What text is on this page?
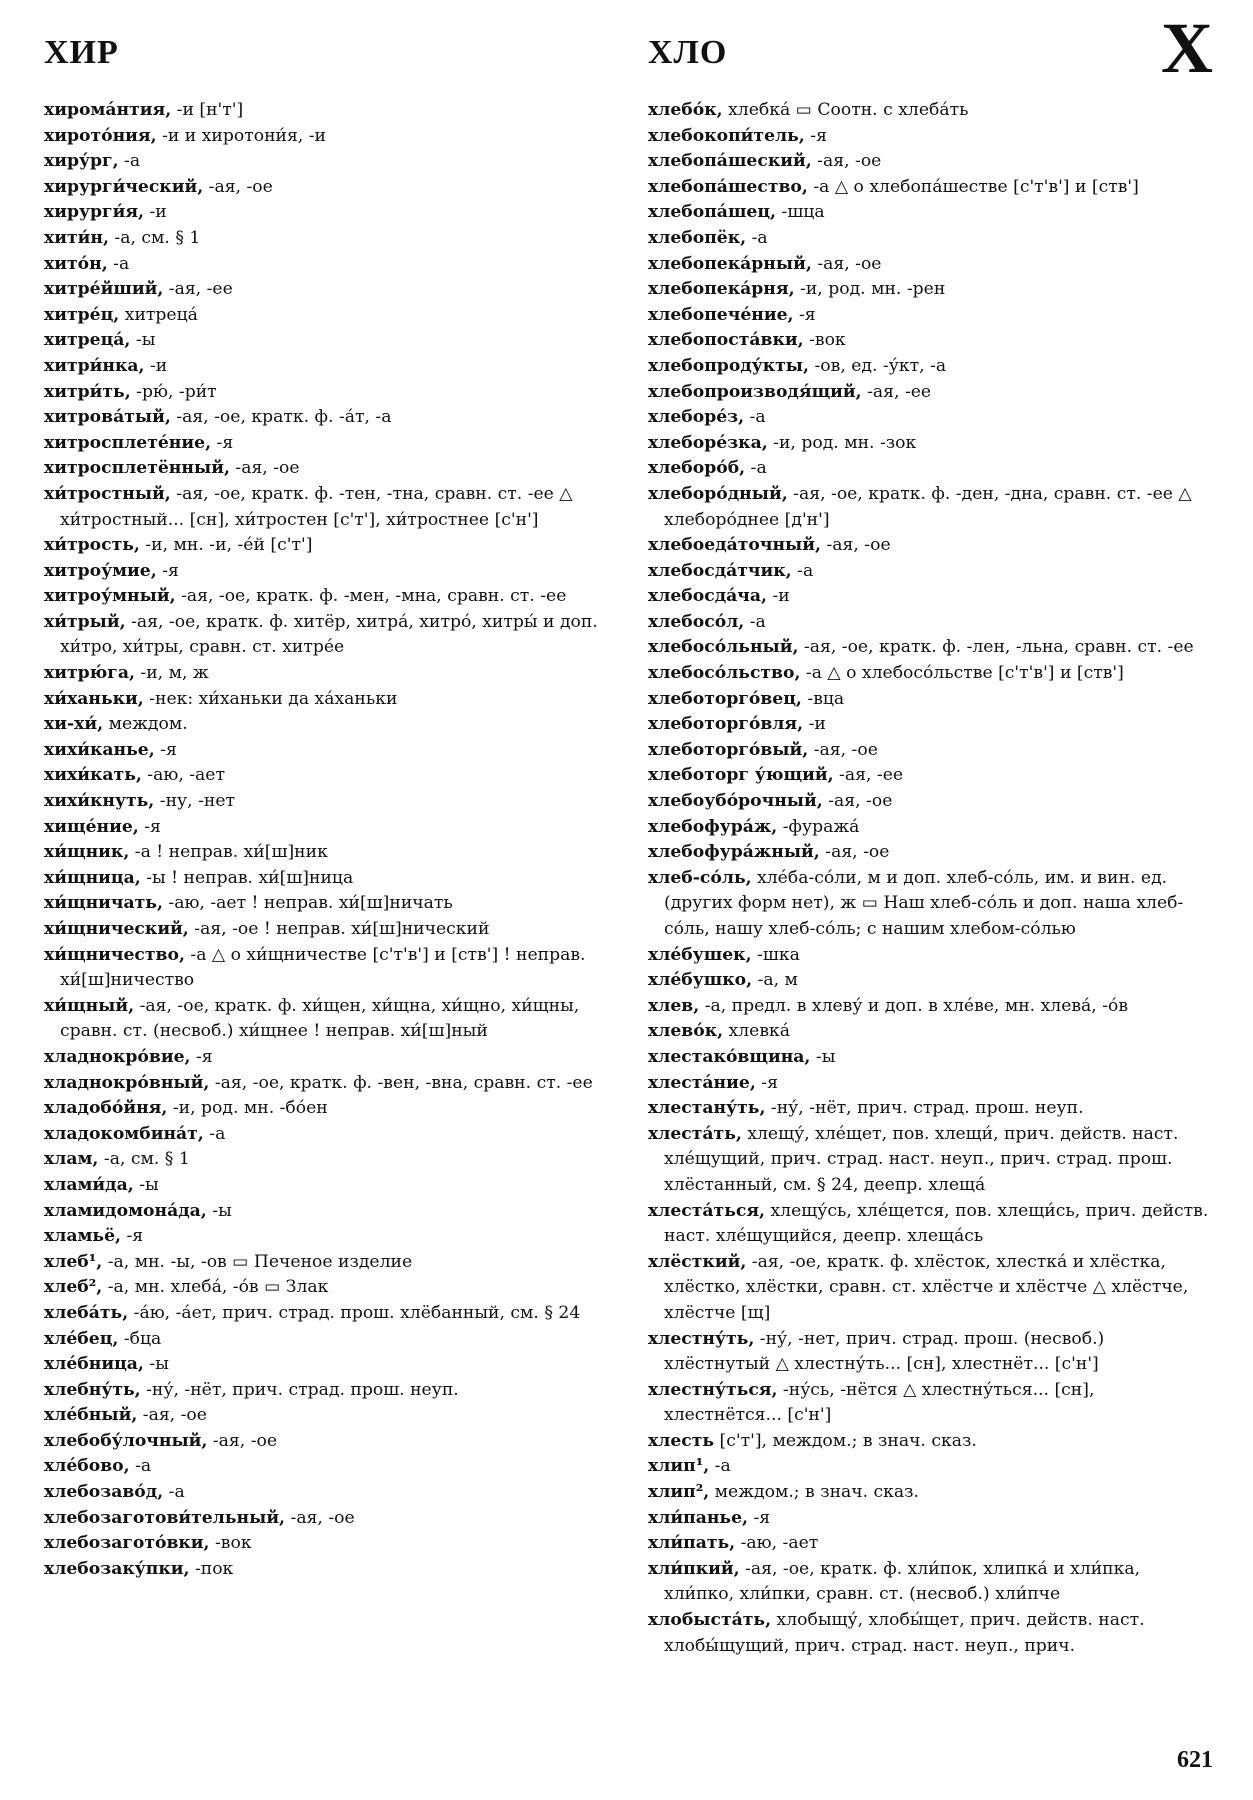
ХИР	ХЛО	Х

хиромáнтия, -и [н'т']

хирото́ния, -и и хиротони́я, -и

хиру́рг, -а

хирурги́ческий, -ая, -ое

хирурги́я, -и

хити́н, -а, см. § 1

хито́н, -а

хитре́йший, -ая, -ее

хитре́ц, хитреца́

хитреца́, -ы

хитри́нка, -и

хитри́ть, -рю́, -ри́т

хитрова́тый, -ая, -ое, кратк. ф. -а́т, -а

хитросплетéние, -я

хитросплетённый, -ая, -ое

хи́тростный, -ая, -ое, кратк. ф. -тен, -тна, сравн. ст. -ее △ хи́тростный... [сн], хи́тростен [с'т'], хи́тростнее [с'н']

хи́трость, -и, мн. -и, -е́й [с'т']

хитроу́мие, -я

хитроу́мный, -ая, -ое, кратк. ф. -мен, -мна, сравн. ст. -ее

хи́трый, -ая, -ое, кратк. ф. хитёр, хитра́, хитро́, хитры́ и доп. хи́тро, хи́тры, сравн. ст. хитрéе

хитрю́га, -и, м, ж

хи́ханьки, -нек: хи́ханьки да ха́ханьки

хи-хи́, междом.

хихи́канье, -я

хихи́кать, -аю, -ает

хихи́кнуть, -ну, -нет

хищéние, -я

хи́щник, -а ! неправ. хи́[ш]ник

хи́щница, -ы ! неправ. хи́[ш]ница

хи́щничать, -аю, -ает ! неправ. хи́[ш]ничать

хи́щнический, -ая, -ое ! неправ. хи́[ш]нический

хи́щничество, -а △ о хи́щничестве [с'т'в'] и [ств'] ! неправ. хи́[ш]ничество

хи́щный, -ая, -ое, кратк. ф. хи́щен, хи́щна, хи́щно, хи́щны, сравн. ст. (несвоб.) хи́щнее ! неправ. хи́[ш]ный

хладнокро́вие, -я

хладнокро́вный, -ая, -ое, кратк. ф. -вен, -вна, сравн. ст. -ее

хладобо́йня, -и, род. мн. -бо́ен

хладокомбина́т, -а

хлам, -а, см. § 1

хлами́да, -ы

хламидомона́да, -ы

хламьё, -я

хлеб¹, -а, мн. -ы, -ов ▭ Печеное изделие

хлеб², -а, мн. хлеба́, -о́в ▭ Злак

хлеба́ть, -а́ю, -а́ет, прич. страд. прош. хлёбанный, см. § 24

хлéбец, -бца

хлéбница, -ы

хлебну́ть, -ну́, -нёт, прич. страд. прош. неуп.

хлéбный, -ая, -ое

хлебобу́лочный, -ая, -ое

хлéбово, -а

хлебозаво́д, -а

хлебозаготови́тельный, -ая, -ое

хлебозагото́вки, -вок

хлебозаку́пки, -пок

хлебо́к, хлебка́ ▭ Соотн. с хлеба́ть

хлебокопи́тель, -я

хлебопа́шеский, -ая, -ое

хлебопа́шество, -а △ о хлебопа́шестве [с'т'в'] и [ств']

хлебопа́шец, -шца

хлебопёк, -а

хлебопека́рный, -ая, -ое

хлебопека́рня, -и, род. мн. -рен

хлебопечéние, -я

хлебопоста́вки, -вок

хлебопроду́кты, -ов, ед. -у́кт, -а

хлебопроизводя́щий, -ая, -ее

хлеборéз, -а

хлеборéзка, -и, род. мн. -зок

хлеборо́б, -а

хлеборо́дный, -ая, -ое, кратк. ф. -ден, -дна, сравн. ст. -ее △ хлеборо́днее [д'н']

хлебоеда́точный, -ая, -ое

хлебосда́тчик, -а

хлебосда́ча, -и

хлебосо́л, -а

хлебосо́льный, -ая, -ое, кратк. ф. -лен, -льна, сравн. ст. -ее

хлебосо́льство, -а △ о хлебосо́льстве [с'т'в'] и [ств']

хлеботорго́вец, -вца

хлеботорго́вля, -и

хлеботорго́вый, -ая, -ое

хлеботорг у́ющий, -ая, -ее

хлебоубо́рочный, -ая, -ое

хлебофура́ж, -фуража́

хлебофура́жный, -ая, -ое

хлеб-со́ль, хлéба-со́ли, м и доп. хлеб-со́ль, им. и вин. ед. (других форм нет), ж ▭ Наш хлеб-со́ль и доп. наша хлеб-со́ль, нашу хлеб-со́ль; с нашим хлебом-со́лью

хлéбушек, -шка

хлéбушко, -а, м

хлев, -а, предл. в хлеву́ и доп. в хлéве, мн. хлева́, -о́в

хлево́к, хлевка́

хлестако́вщина, -ы

хлестáние, -я

хлестану́ть, -ну́, -нёт, прич. страд. прош. неуп.

хлеста́ть, хлещу́, хлéщет, пов. хлещи́, прич. действ. наст. хлéщущий, прич. страд. наст. неуп., прич. страд. прош. хлёстанный, см. § 24, деепр. хлеща́

хлеста́ться, хлещу́сь, хлéщется, пов. хлещи́сь, прич. действ. наст. хлéщущийся, деепр. хлеща́сь

хлёсткий, -ая, -ое, кратк. ф. хлёсток, хлестка́ и хлёстка, хлёстко, хлёстки, сравн. ст. хлёстче и хлёстче △ хлёстче, хлёстче [щ]

хлестну́ть, -ну́, -нет, прич. страд. прош. (несвоб.) хлёстнутый △ хлестну́ть... [сн], хлестнёт... [с'н']

хлестну́ться, -ну́сь, -нётся △ хлестну́ться... [сн], хлестнётся... [с'н']

хлесть [с'т'], междом.; в знач. сказ.

хлип¹, -а

хлип², междом.; в знач. сказ.

хли́панье, -я

хли́пать, -аю, -ает

хли́пкий, -ая, -ое, кратк. ф. хли́пок, хлипка́ и хли́пка, хли́пко, хли́пки, сравн. ст. (несвоб.) хли́пче

хлобыста́ть, хлобыщу́, хлобы́щет, прич. действ. наст. хлобы́щущий, прич. страд. наст. неуп., прич.

621
